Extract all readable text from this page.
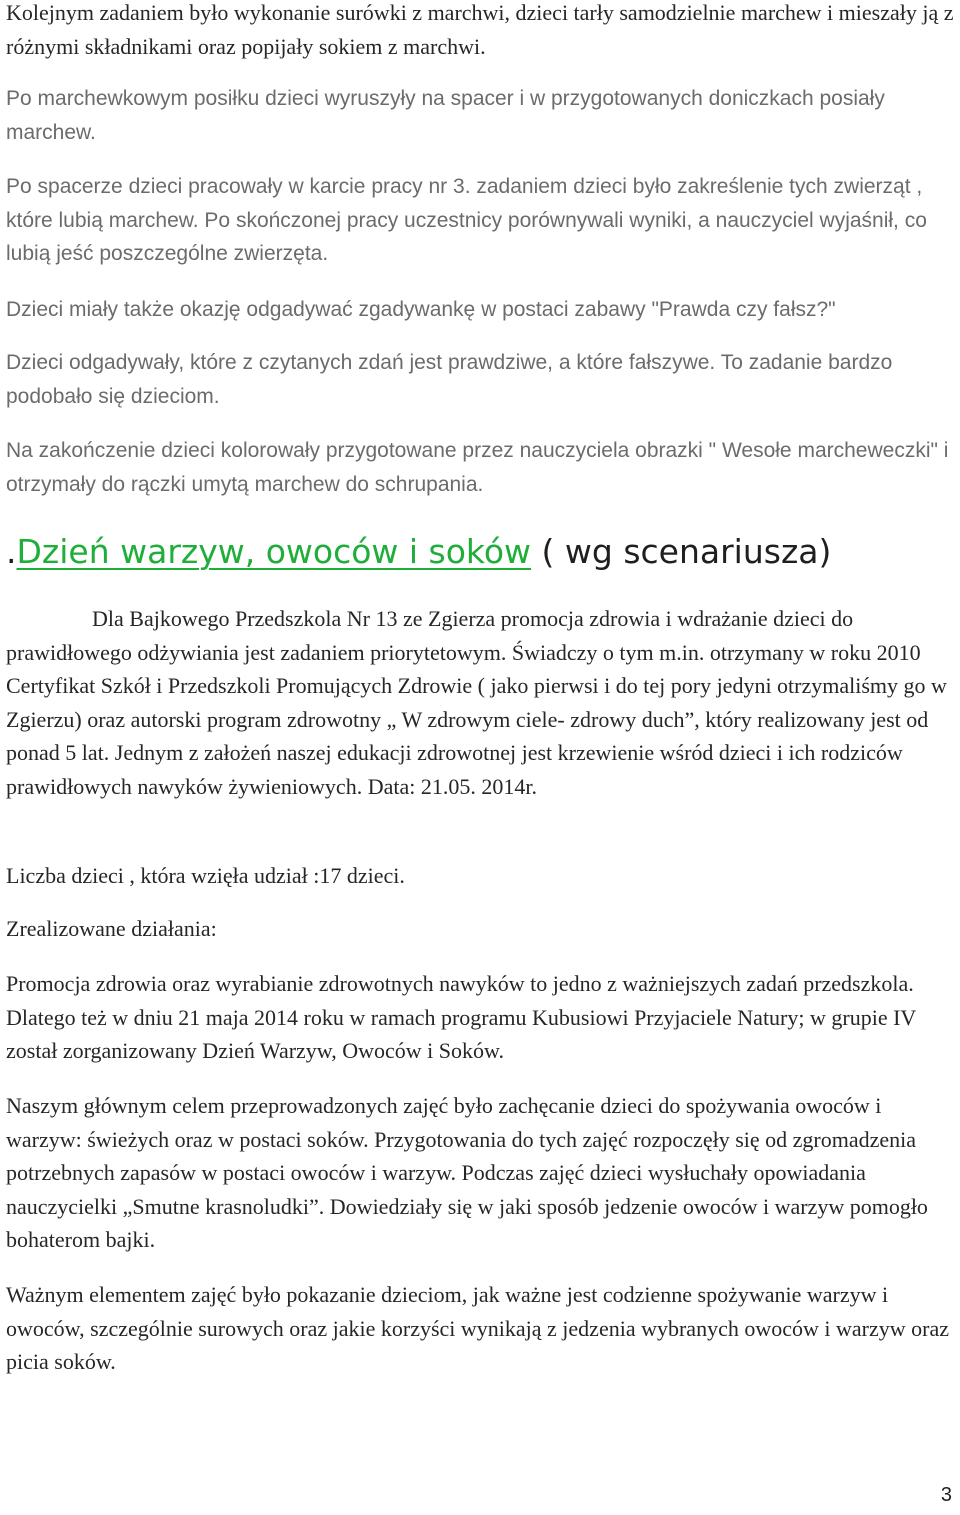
Kolejnym zadaniem było wykonanie surówki z marchwi, dzieci tarły samodzielnie marchew i mieszały ją z różnymi składnikami oraz popijały sokiem z marchwi.

Po marchewkowym posiłku dzieci wyruszyły na spacer i w przygotowanych doniczkach posiały marchew.

Po spacerze dzieci pracowały w karcie pracy nr 3. zadaniem dzieci było zakreślenie tych zwierząt , które lubią marchew. Po skończonej pracy uczestnicy porównywali wyniki, a nauczyciel wyjaśnił, co lubią jeść poszczególne zwierzęta.

Dzieci miały także okazję odgadywać zgadywankę w postaci zabawy "Prawda czy fałsz?"

Dzieci odgadywały, które z czytanych zdań jest prawdziwe, a które fałszywe. To zadanie bardzo podobało się dzieciom.

Na zakończenie dzieci kolorowały przygotowane przez nauczyciela obrazki " Wesołe marcheweczki" i otrzymały do rączki umytą marchew do schrupania.

.Dzień warzyw, owoców i soków ( wg scenariusza)

Dla Bajkowego Przedszkola Nr 13 ze Zgierza promocja zdrowia i wdrażanie dzieci do prawidłowego odżywiania jest zadaniem priorytetowym. Świadczy o tym m.in. otrzymany w roku 2010 Certyfikat Szkół i Przedszkoli Promujących Zdrowie ( jako pierwsi i do tej pory jedyni otrzymaliśmy go w Zgierzu) oraz autorski program zdrowotny „ W zdrowym ciele- zdrowy duch”, który realizowany jest od ponad 5 lat. Jednym z założeń naszej edukacji zdrowotnej jest krzewienie wśród dzieci i ich rodziców prawidłowych nawyków żywieniowych. Data: 21.05. 2014r.

Liczba dzieci , która wzięła udział :17 dzieci.

Zrealizowane działania:

Promocja zdrowia oraz wyrabianie zdrowotnych nawyków to jedno z ważniejszych zadań przedszkola. Dlatego też w dniu 21 maja 2014 roku w ramach programu Kubusiowi Przyjaciele Natury; w grupie IV został zorganizowany Dzień Warzyw, Owoców i Soków.

Naszym głównym celem przeprowadzonych zajęć było zachęcanie dzieci do spożywania owoców i warzyw: świeżych oraz w postaci soków. Przygotowania do tych zajęć rozpoczęły się od zgromadzenia potrzebnych zapasów w postaci owoców i warzyw. Podczas zajęć dzieci wysłuchały opowiadania nauczycielki „Smutne krasnoludki”. Dowiedziały się w jaki sposób jedzenie owoców i warzyw pomogło bohaterom bajki.

Ważnym elementem zajęć było pokazanie dzieciom, jak ważne jest codzienne spożywanie warzyw i owoców, szczególnie surowych oraz jakie korzyści wynikają z jedzenia wybranych owoców i warzyw oraz picia soków.

3
